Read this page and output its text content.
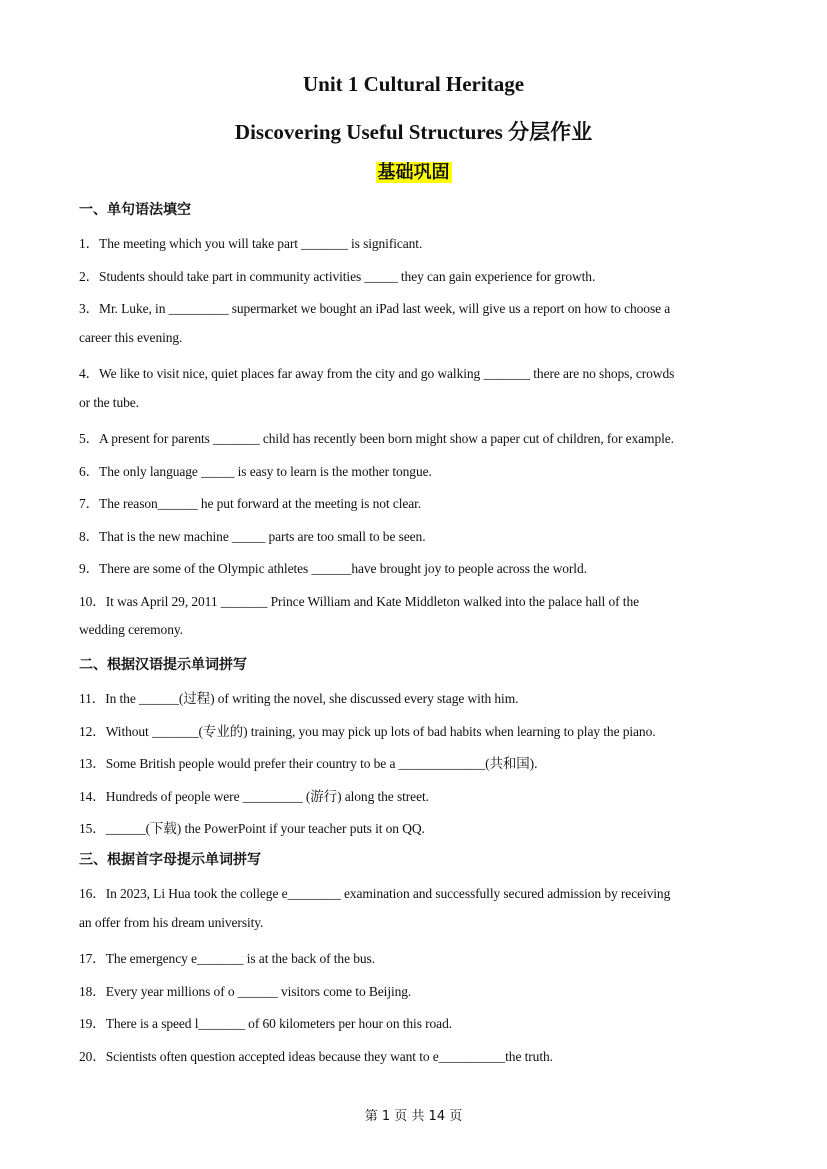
Unit 1 Cultural Heritage
Discovering Useful Structures 分层作业
基础巩固
一、单句语法填空
1．The meeting which you will take part _______ is significant.
2．Students should take part in community activities _____ they can gain experience for growth.
3．Mr. Luke, in _________ supermarket we bought an iPad last week, will give us a report on how to choose a
career this evening.
4．We like to visit nice, quiet places far away from the city and go walking _______ there are no shops, crowds
or the tube.
5．A present for parents _______ child has recently been born might show a paper cut of children, for example.
6．The only language _____ is easy to learn is the mother tongue.
7．The reason______ he put forward at the meeting is not clear.
8．That is the new machine _____ parts are too small to be seen.
9．There are some of the Olympic athletes ______have brought joy to people across the world.
10．It was April 29, 2011 _______ Prince William and Kate Middleton walked into the palace hall of the
wedding ceremony.
二、根据汉语提示单词拼写
11．In the ______(过程) of writing the novel, she discussed every stage with him.
12．Without _______(专业的) training, you may pick up lots of bad habits when learning to play the piano.
13．Some British people would prefer their country to be a _____________(共和国).
14．Hundreds of people were _________ (游行) along the street.
15．______(下载) the PowerPoint if your teacher puts it on QQ.
三、根据首字母提示单词拼写
16．In 2023, Li Hua took the college e________ examination and successfully secured admission by receiving
an offer from his dream university.
17．The emergency e_______ is at the back of the bus.
18．Every year millions of o ______ visitors come to Beijing.
19．There is a speed l_______ of 60 kilometers per hour on this road.
20．Scientists often question accepted ideas because they want to e__________the truth.
第 1 页 共 14 页
